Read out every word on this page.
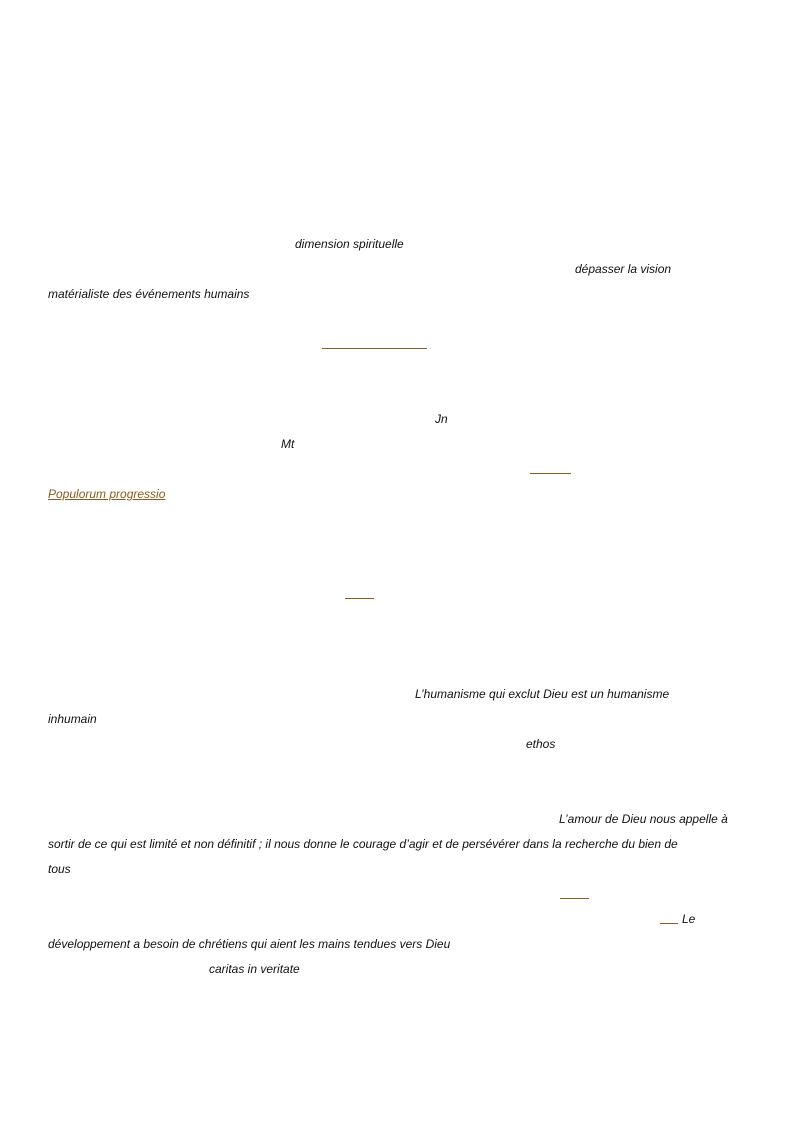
dimension spirituelle
dépasser la vision
matérialiste des événements humains
Jn
Mt
Populorum progressio
L’humanisme qui exclut Dieu est un humanisme
inhumain
ethos
L’amour de Dieu nous appelle à
sortir de ce qui est limité et non définitif ; il nous donne le courage d’agir et de persévérer dans la recherche du bien de
tous
Le
développement a besoin de chrétiens qui aient les mains tendues vers Dieu
caritas in veritate
